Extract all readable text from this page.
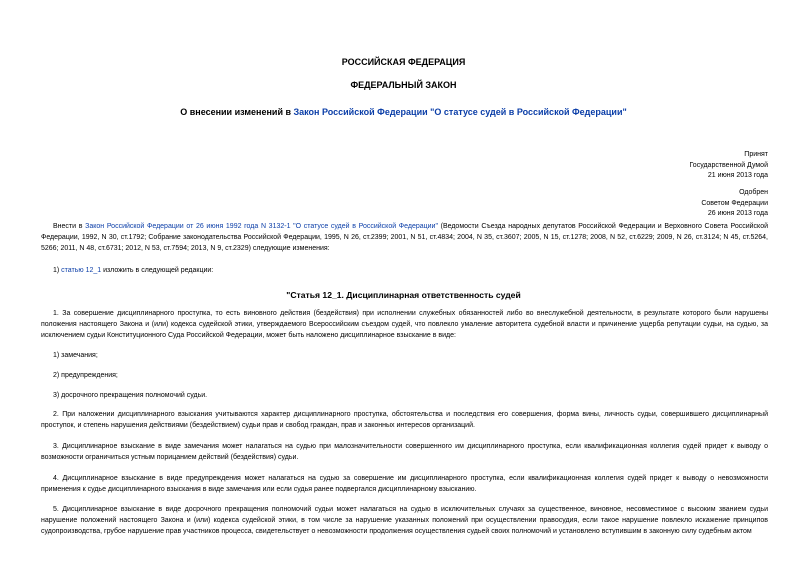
РОССИЙСКАЯ ФЕДЕРАЦИЯ
ФЕДЕРАЛЬНЫЙ ЗАКОН
О внесении изменений в Закон Российской Федерации "О статусе судей в Российской Федерации"
Принят
Государственной Думой
21 июня 2013 года
Одобрен
Советом Федерации
26 июня 2013 года
Внести в Закон Российской Федерации от 26 июня 1992 года N 3132-1 "О статусе судей в Российской Федерации" (Ведомости Съезда народных депутатов Российской Федерации и Верховного Совета Российской Федерации, 1992, N 30, ст.1792; Собрание законодательства Российской Федерации, 1995, N 26, ст.2399; 2001, N 51, ст.4834; 2004, N 35, ст.3607; 2005, N 15, ст.1278; 2008, N 52, ст.6229; 2009, N 26, ст.3124; N 45, ст.5264, 5266; 2011, N 48, ст.6731; 2012, N 53, ст.7594; 2013, N 9, ст.2329) следующие изменения:
1) статью 12_1 изложить в следующей редакции:
"Статья 12_1. Дисциплинарная ответственность судей
1. За совершение дисциплинарного проступка, то есть виновного действия (бездействия) при исполнении служебных обязанностей либо во внеслужебной деятельности, в результате которого были нарушены положения настоящего Закона и (или) кодекса судейской этики, утверждаемого Всероссийским съездом судей, что повлекло умаление авторитета судебной власти и причинение ущерба репутации судьи, на судью, за исключением судьи Конституционного Суда Российской Федерации, может быть наложено дисциплинарное взыскание в виде:
1) замечания;
2) предупреждения;
3) досрочного прекращения полномочий судьи.
2. При наложении дисциплинарного взыскания учитываются характер дисциплинарного проступка, обстоятельства и последствия его совершения, форма вины, личность судьи, совершившего дисциплинарный проступок, и степень нарушения действиями (бездействием) судьи прав и свобод граждан, прав и законных интересов организаций.
3. Дисциплинарное взыскание в виде замечания может налагаться на судью при малозначительности совершенного им дисциплинарного проступка, если квалификационная коллегия судей придет к выводу о возможности ограничиться устным порицанием действий (бездействия) судьи.
4. Дисциплинарное взыскание в виде предупреждения может налагаться на судью за совершение им дисциплинарного проступка, если квалификационная коллегия судей придет к выводу о невозможности применения к судье дисциплинарного взыскания в виде замечания или если судья ранее подвергался дисциплинарному взысканию.
5. Дисциплинарное взыскание в виде досрочного прекращения полномочий судьи может налагаться на судью в исключительных случаях за существенное, виновное, несовместимое с высоким званием судьи нарушение положений настоящего Закона и (или) кодекса судейской этики, в том числе за нарушение указанных положений при осуществлении правосудия, если такое нарушение повлекло искажение принципов судопроизводства, грубое нарушение прав участников процесса, свидетельствует о невозможности продолжения осуществления судьей своих полномочий и установлено вступившим в законную силу судебным актом
